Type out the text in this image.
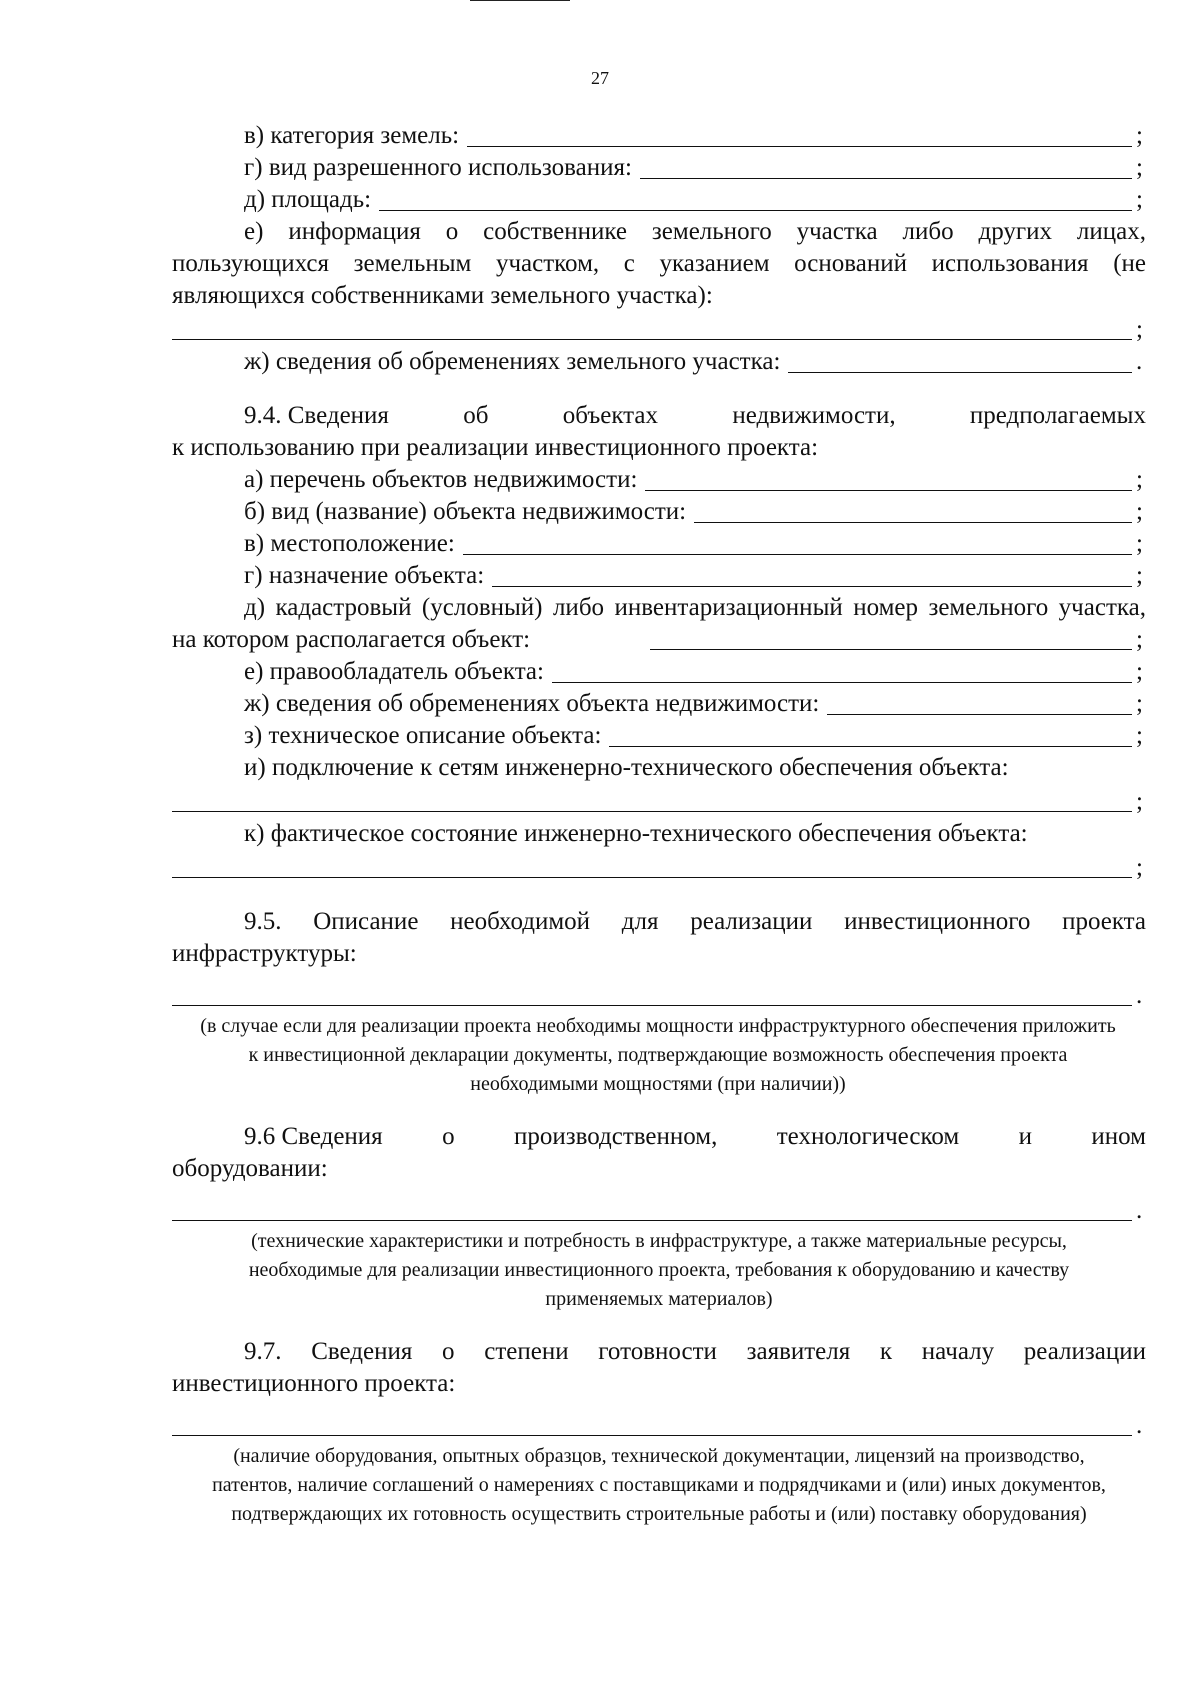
27
в) категория земель:	;
г) вид разрешенного использования:	;
д) площадь:	;
е) информация о собственнике земельного участка либо других лицах, пользующихся земельным участком, с указанием оснований использования (не являющихся собственниками земельного участка):
;
ж) сведения об обременениях земельного участка:	.
9.4. Сведения	об	объектах	недвижимости,	предполагаемых
к использованию при реализации инвестиционного проекта:
а) перечень объектов недвижимости:	;
б) вид (название) объекта недвижимости:	;
в) местоположение:	;
г) назначение объекта:	;
д) кадастровый (условный) либо инвентаризационный номер земельного участка, на котором располагается объект:	;
е) правообладатель объекта:	;
ж) сведения об обременениях объекта недвижимости:	;
з) техническое описание объекта:	;
и) подключение к сетям инженерно-технического обеспечения объекта:
;
к) фактическое состояние инженерно-технического обеспечения объекта:
;
9.5. Описание необходимой для реализации инвестиционного проекта инфраструктуры:
.
(в случае если для реализации проекта необходимы мощности инфраструктурного обеспечения приложить к инвестиционной декларации документы, подтверждающие возможность обеспечения проекта необходимыми мощностями (при наличии))
9.6 Сведения о производственном, технологическом и ином
оборудовании:
.
(технические характеристики и потребность в инфраструктуре, а также материальные ресурсы, необходимые для реализации инвестиционного проекта, требования к оборудованию и качеству применяемых материалов)
9.7. Сведения о степени готовности заявителя к началу реализации инвестиционного проекта:
.
(наличие оборудования, опытных образцов, технической документации, лицензий на производство, патентов, наличие соглашений о намерениях с поставщиками и подрядчиками и (или) иных документов, подтверждающих их готовность осуществить строительные работы и (или) поставку оборудования)
